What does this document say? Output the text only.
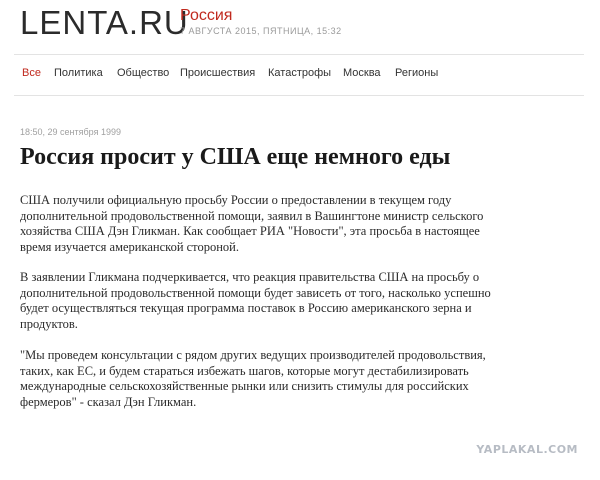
LENTA.RU
Россия
7 АВГУСТА 2015, ПЯТНИЦА, 15:32
Все Политика Общество Происшествия Катастрофы Москва Регионы
18:50, 29 сентября 1999
Россия просит у США еще немного еды
США получили официальную просьбу России о предоставлении в текущем году дополнительной продовольственной помощи, заявил в Вашингтоне министр сельского хозяйства США Дэн Гликман. Как сообщает РИА "Новости", эта просьба в настоящее время изучается американской стороной.
В заявлении Гликмана подчеркивается, что реакция правительства США на просьбу о дополнительной продовольственной помощи будет зависеть от того, насколько успешно будет осуществляться текущая программа поставок в Россию американского зерна и продуктов.
"Мы проведем консультации с рядом других ведущих производителей продовольствия, таких, как ЕС, и будем стараться избежать шагов, которые могут дестабилизировать международные сельскохозяйственные рынки или снизить стимулы для российских фермеров" - сказал Дэн Гликман.
YAPLAKAL.COM
